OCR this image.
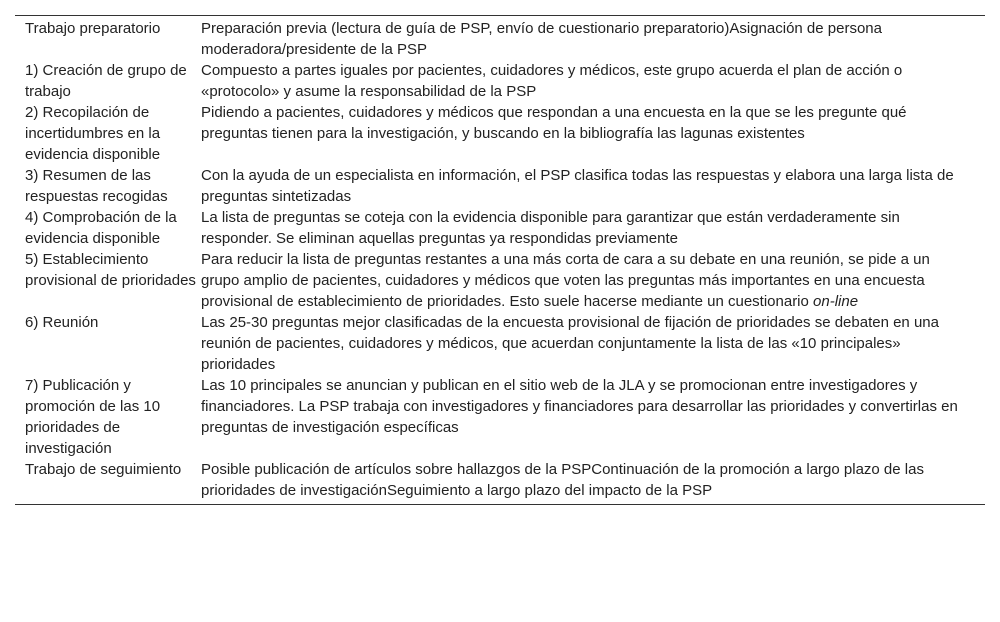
Trabajo preparatorio	Preparación previa (lectura de guía de PSP, envío de cuestionario preparatorio)Asignación de persona moderadora/presidente de la PSP
1) Creación de grupo de trabajo	Compuesto a partes iguales por pacientes, cuidadores y médicos, este grupo acuerda el plan de acción o «protocolo» y asume la responsabilidad de la PSP
2) Recopilación de incertidumbres en la evidencia disponible	Pidiendo a pacientes, cuidadores y médicos que respondan a una encuesta en la que se les pregunte qué preguntas tienen para la investigación, y buscando en la bibliografía las lagunas existentes
3) Resumen de las respuestas recogidas	Con la ayuda de un especialista en información, el PSP clasifica todas las respuestas y elabora una larga lista de preguntas sintetizadas
4) Comprobación de la evidencia disponible	La lista de preguntas se coteja con la evidencia disponible para garantizar que están verdaderamente sin responder. Se eliminan aquellas preguntas ya respondidas previamente
5) Establecimiento provisional de prioridades	Para reducir la lista de preguntas restantes a una más corta de cara a su debate en una reunión, se pide a un grupo amplio de pacientes, cuidadores y médicos que voten las preguntas más importantes en una encuesta provisional de establecimiento de prioridades. Esto suele hacerse mediante un cuestionario on-line
6) Reunión	Las 25-30 preguntas mejor clasificadas de la encuesta provisional de fijación de prioridades se debaten en una reunión de pacientes, cuidadores y médicos, que acuerdan conjuntamente la lista de las «10 principales» prioridades
7) Publicación y promoción de las 10 prioridades de investigación	Las 10 principales se anuncian y publican en el sitio web de la JLA y se promocionan entre investigadores y financiadores. La PSP trabaja con investigadores y financiadores para desarrollar las prioridades y convertirlas en preguntas de investigación específicas
Trabajo de seguimiento	Posible publicación de artículos sobre hallazgos de la PSPContinuación de la promoción a largo plazo de las prioridades de investigaciónSeguimiento a largo plazo del impacto de la PSP
